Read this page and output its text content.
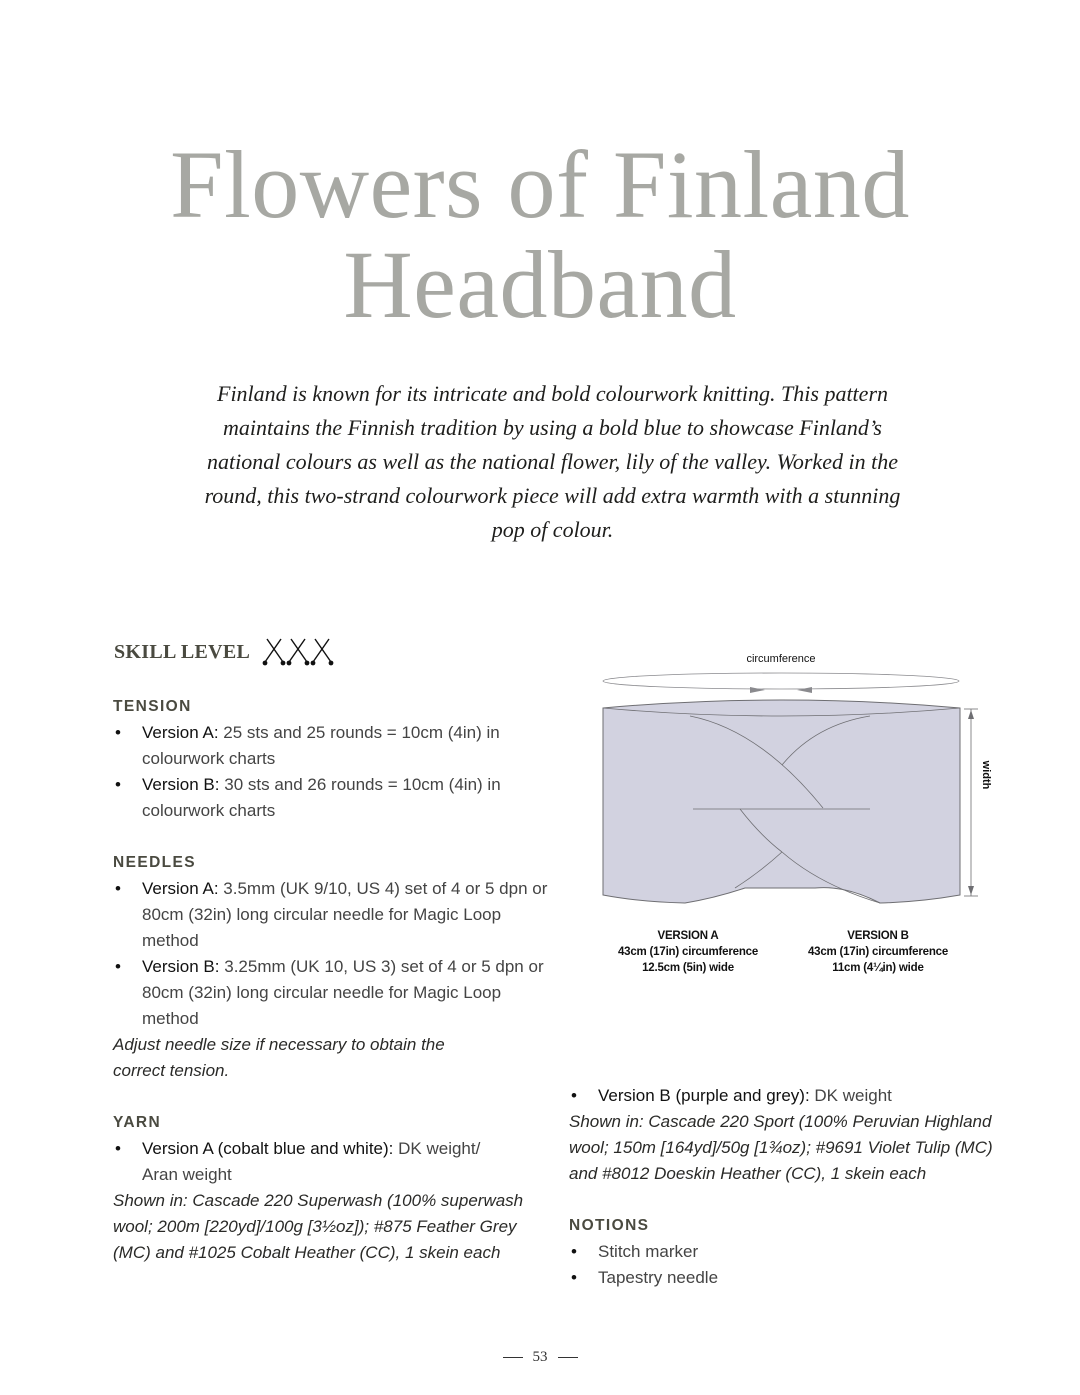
Flowers of Finland
Headband

Finland is known for its intricate and bold colourwork knitting. This pattern maintains the Finnish tradition by using a bold blue to showcase Finland’s national colours as well as the national flower, lily of the valley. Worked in the round, this two-strand colourwork piece will add extra warmth with a stunning pop of colour.

SKILL LEVEL
TENSION
• Version A: 25 sts and 25 rounds = 10cm (4in) in colourwork charts
• Version B: 30 sts and 26 rounds = 10cm (4in) in colourwork charts
NEEDLES
• Version A: 3.5mm (UK 9/10, US 4) set of 4 or 5 dpn or 80cm (32in) long circular needle for Magic Loop method
• Version B: 3.25mm (UK 10, US 3) set of 4 or 5 dpn or 80cm (32in) long circular needle for Magic Loop method

Adjust needle size if necessary to obtain the correct tension.

YARN
• Version A (cobalt blue and white): DK weight/ Aran weight

Shown in: Cascade 220 Superwash (100% superwash wool; 200m [220yd]/100g [3½oz]); #875 Feather Grey (MC) and #1025 Cobalt Heather (CC), 1 skein each

circumference
width
VERSION A
43cm (17in) circumference
12.5cm (5in) wide
VERSION B
43cm (17in) circumference
11cm (4¼in) wide
• Version B (purple and grey): DK weight

Shown in: Cascade 220 Sport (100% Peruvian Highland wool; 150m [164yd]/50g [1¾oz); #9691 Violet Tulip (MC) and #8012 Doeskin Heather (CC), 1 skein each

NOTIONS
• Stitch marker
• Tapestry needle
53
